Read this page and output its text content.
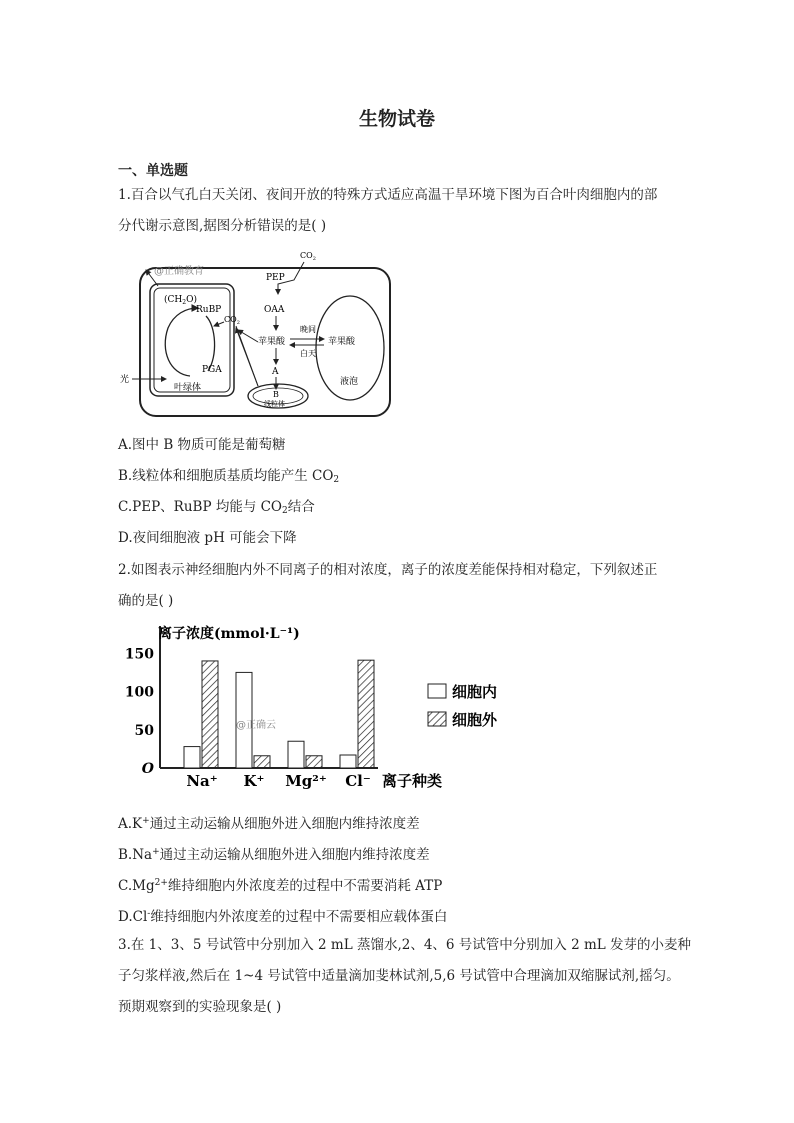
生物试卷
一、单选题
1.百合以气孔白天关闭、夜间开放的特殊方式适应高温干旱环境下图为百合叶肉细胞内的部
分代谢示意图,据图分析错误的是( )
$(CH_2O)$
RuBP
PGA
叶绿体
光
@正确教育
$CO_2$
PEP
OAA
苹果酸
A
B
线粒体
$CO_2$
苹果酸
液泡
晚间
白天
A.图中 B 物质可能是葡萄糖
B.线粒体和细胞质基质均能产生 $CO_2$
C.PEP、RuBP 均能与 $CO_2$结合
D.夜间细胞液 pH 可能会下降
2.如图表示神经细胞内外不同离子的相对浓度，离子的浓度差能保持相对稳定，下列叙述正
确的是( )
离子浓度(mmol·L⁻¹)
O
50
100
150
Na⁺ K⁺ Mg²⁺ Cl⁻ 离子种类
细胞内
细胞外
@正确云
A.K+通过主动运输从细胞外进入细胞内维持浓度差
B.Na+通过主动运输从细胞外进入细胞内维持浓度差
$C.Mg^{2+}$维持细胞内外浓度差的过程中不需要消耗 ATP
D.Cl-维持细胞内外浓度差的过程中不需要相应载体蛋白
3.在 1、3、5 号试管中分别加入 2 mL 蒸馏水,2、4、6 号试管中分别加入 2 mL 发芽的小麦种
子匀浆样液,然后在 1~4 号试管中适量滴加斐林试剂,5,6 号试管中合理滴加双缩脲试剂,摇匀。
预期观察到的实验现象是( )
